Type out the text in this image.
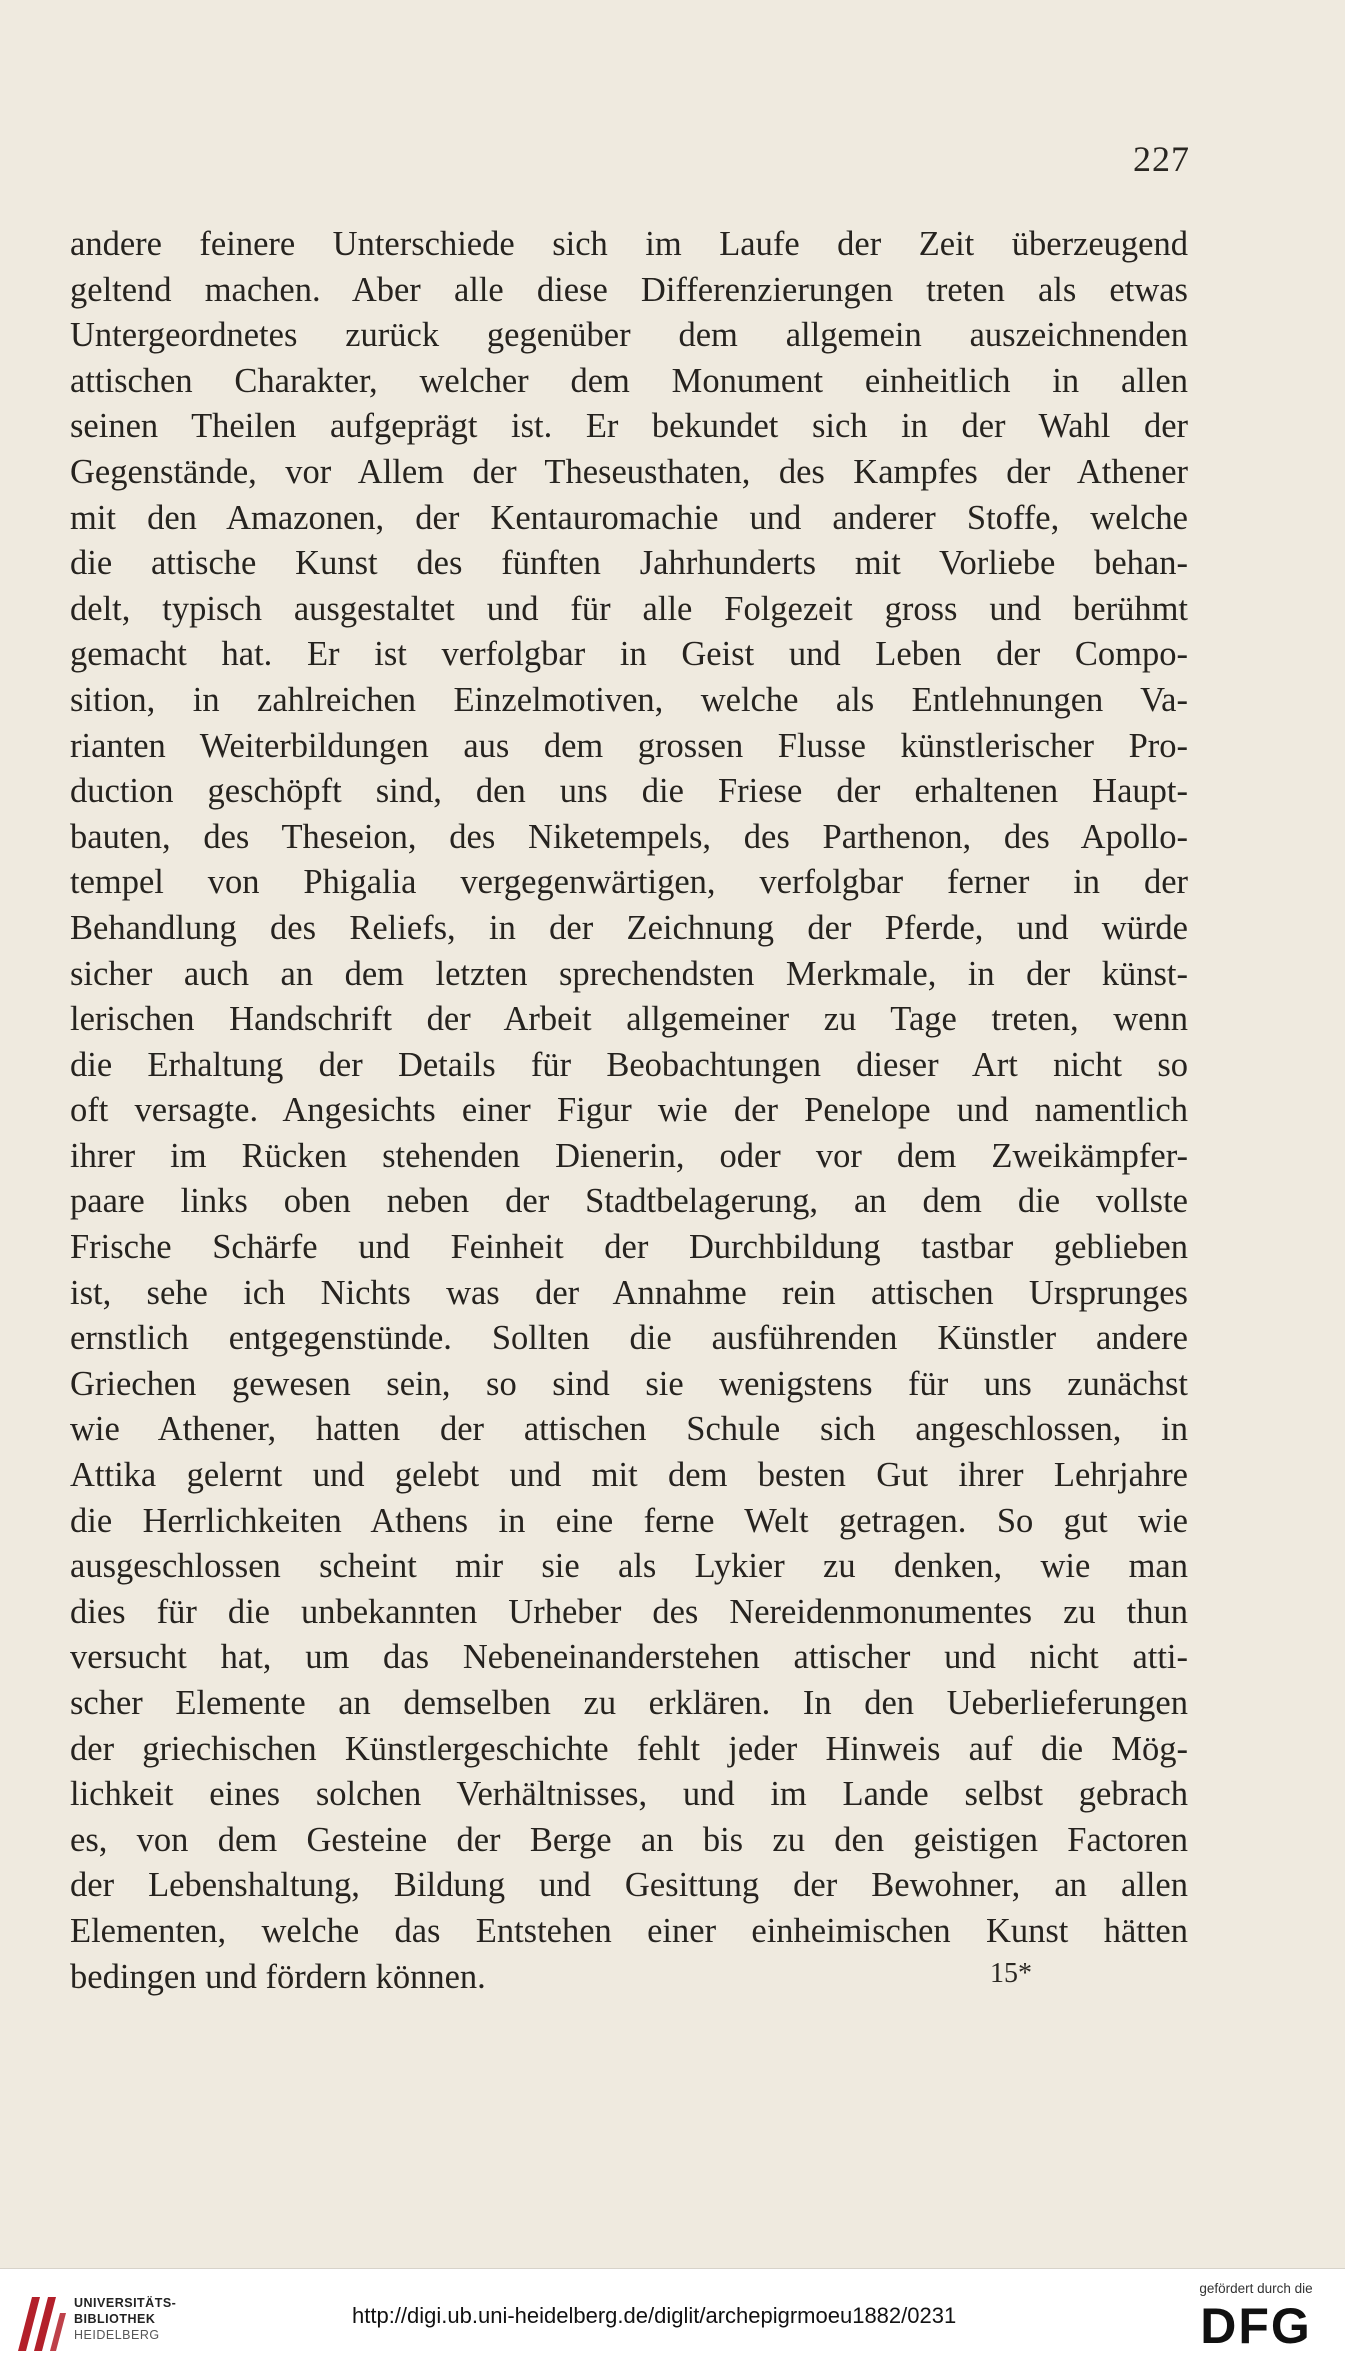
227
andere feinere Unterschiede sich im Laufe der Zeit überzeugend
geltend machen. Aber alle diese Differenzierungen treten als etwas
Untergeordnetes zurück gegenüber dem allgemein auszeichnenden
attischen Charakter, welcher dem Monument einheitlich in allen
seinen Theilen aufgeprägt ist. Er bekundet sich in der Wahl der
Gegenstände, vor Allem der Theseusthaten, des Kampfes der Athener
mit den Amazonen, der Kentauromachie und anderer Stoffe, welche
die attische Kunst des fünften Jahrhunderts mit Vorliebe behan-
delt, typisch ausgestaltet und für alle Folgezeit gross und berühmt
gemacht hat. Er ist verfolgbar in Geist und Leben der Compo-
sition, in zahlreichen Einzelmotiven, welche als Entlehnungen Va-
rianten Weiterbildungen aus dem grossen Flusse künstlerischer Pro-
duction geschöpft sind, den uns die Friese der erhaltenen Haupt-
bauten, des Theseion, des Niketempels, des Parthenon, des Apollo-
tempel von Phigalia vergegenwärtigen, verfolgbar ferner in der
Behandlung des Reliefs, in der Zeichnung der Pferde, und würde
sicher auch an dem letzten sprechendsten Merkmale, in der künst-
lerischen Handschrift der Arbeit allgemeiner zu Tage treten, wenn
die Erhaltung der Details für Beobachtungen dieser Art nicht so
oft versagte. Angesichts einer Figur wie der Penelope und namentlich
ihrer im Rücken stehenden Dienerin, oder vor dem Zweikämpfer-
paare links oben neben der Stadtbelagerung, an dem die vollste
Frische Schärfe und Feinheit der Durchbildung tastbar geblieben
ist, sehe ich Nichts was der Annahme rein attischen Ursprunges
ernstlich entgegenstünde. Sollten die ausführenden Künstler andere
Griechen gewesen sein, so sind sie wenigstens für uns zunächst
wie Athener, hatten der attischen Schule sich angeschlossen, in
Attika gelernt und gelebt und mit dem besten Gut ihrer Lehrjahre
die Herrlichkeiten Athens in eine ferne Welt getragen. So gut wie
ausgeschlossen scheint mir sie als Lykier zu denken, wie man
dies für die unbekannten Urheber des Nereidenmonumentes zu thun
versucht hat, um das Nebeneinanderstehen attischer und nicht atti-
scher Elemente an demselben zu erklären. In den Ueberlieferungen
der griechischen Künstlergeschichte fehlt jeder Hinweis auf die Mög-
lichkeit eines solchen Verhältnisses, und im Lande selbst gebrach
es, von dem Gesteine der Berge an bis zu den geistigen Factoren
der Lebenshaltung, Bildung und Gesittung der Bewohner, an allen
Elementen, welche das Entstehen einer einheimischen Kunst hätten
bedingen und fördern können.	15*
UNIVERSITÄTS-
BIBLIOTHEK
HEIDELBERG
http://digi.ub.uni-heidelberg.de/diglit/archepigrmoeu1882/0231
gefördert durch die
DFG
